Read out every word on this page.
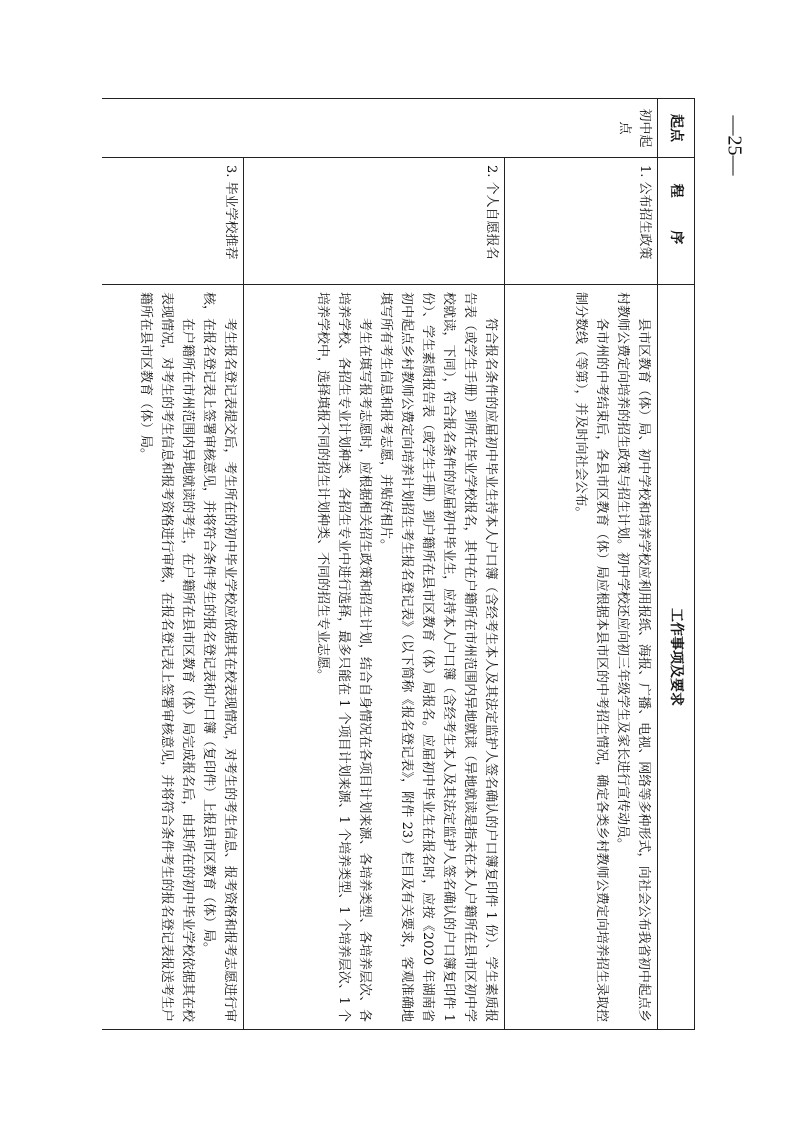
—25—
起点	程 序	工作事项及要求
初中起点	1. 公布招生政策	县市区教育（体）局、初中学校和培养学校应利用报纸、海报、广播、电视、网络等多种形式，向社会公布我省初中起点乡村教师公费定向培养的招生政策与招生计划。初中学校还应向初三年级学生及家长进行宣传动员。

各市州的中考结束后，各县市区教育（体）局应根据本县市区的中考招生情况，确定各类乡村教师公费定向培养招生录取控制分数线（等第），并及时向社会公布。

	2. 个人自愿报名	符合报名条件的应届初中毕业生持本人户口簿（含经考生本人及其法定监护人签名确认的户口簿复印件 1 份）、学生素质报告表（或学生手册）到所在毕业学校报名，其中在户籍所在市州范围内异地就读（异地就读是指未在本人户籍所在县市区初中学校就读，下同），符合报名条件的应届初中毕业生，应持本人户口簿（含经考生本人及其法定监护人签名确认的户口簿复印件 1 份）、学生素质报告表（或学生手册）到户籍所在县市区教育（体）局报名。应届初中毕业生在报名时，应按《2020 年湖南省初中起点乡村教师公费定向培养计划招生考生报名登记表》（以下简称《报名登记表》，附件 23）栏目及有关要求，客观准确地填写所有考生信息和报考志愿，并贴好相片。

考生在填写报考志愿时，应根据相关招生政策和招生计划，结合自身情况在各项目计划来源、各培养类型、各培养层次、各培养学校、各招生专业计划种类、各招生专业中进行选择，最多只能在 1 个项目计划来源、1 个培养类型、1 个培养层次、1 个培养学校中，选择填报不同的招生计划种类、不同的招生专业志愿。

	3. 毕业学校推荐	考生报名登记表提交后，考生所在的初中毕业学校应依据其在校表现情况，对考生的考生信息、报考资格和报考志愿进行审核，在报名登记表上签署审核意见，并将符合条件考生的报名登记表和户口簿（复印件）上报县市区教育（体）局。

在户籍所在市州范围内异地就读的考生，在户籍所在县市区教育（体）局完成报名后，由其所在的初中毕业学校依据其在校表现情况，对考生的考生信息和报考资格进行审核，在报名登记表上签署审核意见，并将符合条件考生的报名登记表报送考生户籍所在县市区教育（体）局。
